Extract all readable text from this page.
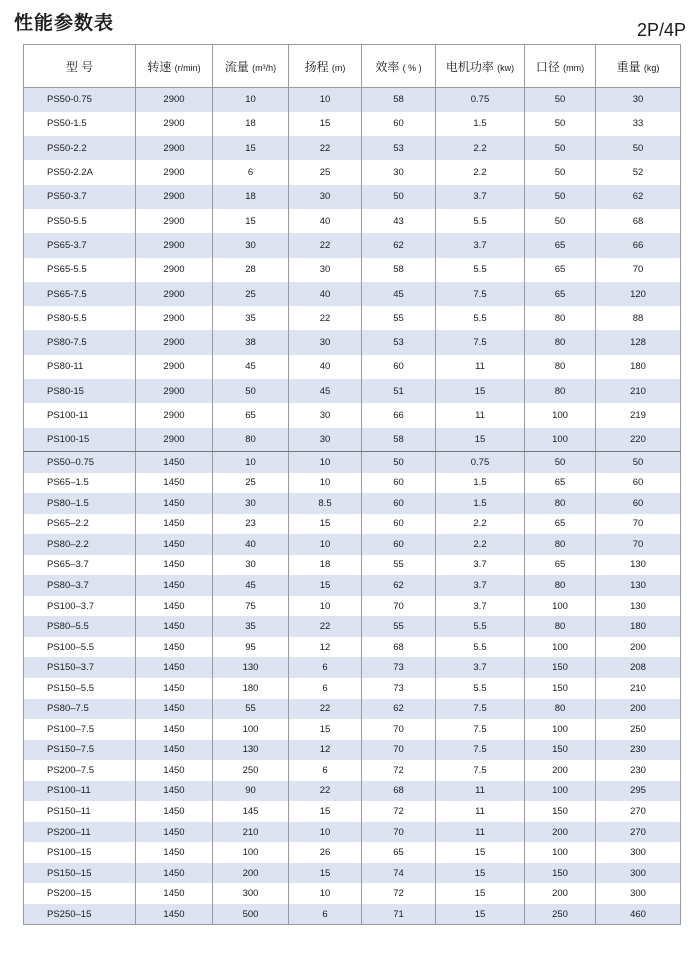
性能参数表	2P/4P
型 号	转速 (r/min)	流量 (m³/h)	扬程 (m)	效率 ( % )	电机功率 (kw)	口径 (mm)	重量 (kg)
PS50-0.75	2900	10	10	58	0.75	50	30
PS50-1.5	2900	18	15	60	1.5	50	33
PS50-2.2	2900	15	22	53	2.2	50	50
PS50-2.2A	2900	6	25	30	2.2	50	52
PS50-3.7	2900	18	30	50	3.7	50	62
PS50-5.5	2900	15	40	43	5.5	50	68
PS65-3.7	2900	30	22	62	3.7	65	66
PS65-5.5	2900	28	30	58	5.5	65	70
PS65-7.5	2900	25	40	45	7.5	65	120
PS80-5.5	2900	35	22	55	5.5	80	88
PS80-7.5	2900	38	30	53	7.5	80	128
PS80-11	2900	45	40	60	11	80	180
PS80-15	2900	50	45	51	15	80	210
PS100-11	2900	65	30	66	11	100	219
PS100-15	2900	80	30	58	15	100	220
PS50–0.75	1450	10	10	50	0.75	50	50
PS65–1.5	1450	25	10	60	1.5	65	60
PS80–1.5	1450	30	8.5	60	1.5	80	60
PS65–2.2	1450	23	15	60	2.2	65	70
PS80–2.2	1450	40	10	60	2.2	80	70
PS65–3.7	1450	30	18	55	3.7	65	130
PS80–3.7	1450	45	15	62	3.7	80	130
PS100–3.7	1450	75	10	70	3.7	100	130
PS80–5.5	1450	35	22	55	5.5	80	180
PS100–5.5	1450	95	12	68	5.5	100	200
PS150–3.7	1450	130	6	73	3.7	150	208
PS150–5.5	1450	180	6	73	5.5	150	210
PS80–7.5	1450	55	22	62	7.5	80	200
PS100–7.5	1450	100	15	70	7.5	100	250
PS150–7.5	1450	130	12	70	7.5	150	230
PS200–7.5	1450	250	6	72	7.5	200	230
PS100–11	1450	90	22	68	11	100	295
PS150–11	1450	145	15	72	11	150	270
PS200–11	1450	210	10	70	11	200	270
PS100–15	1450	100	26	65	15	100	300
PS150–15	1450	200	15	74	15	150	300
PS200–15	1450	300	10	72	15	200	300
PS250–15	1450	500	6	71	15	250	460
